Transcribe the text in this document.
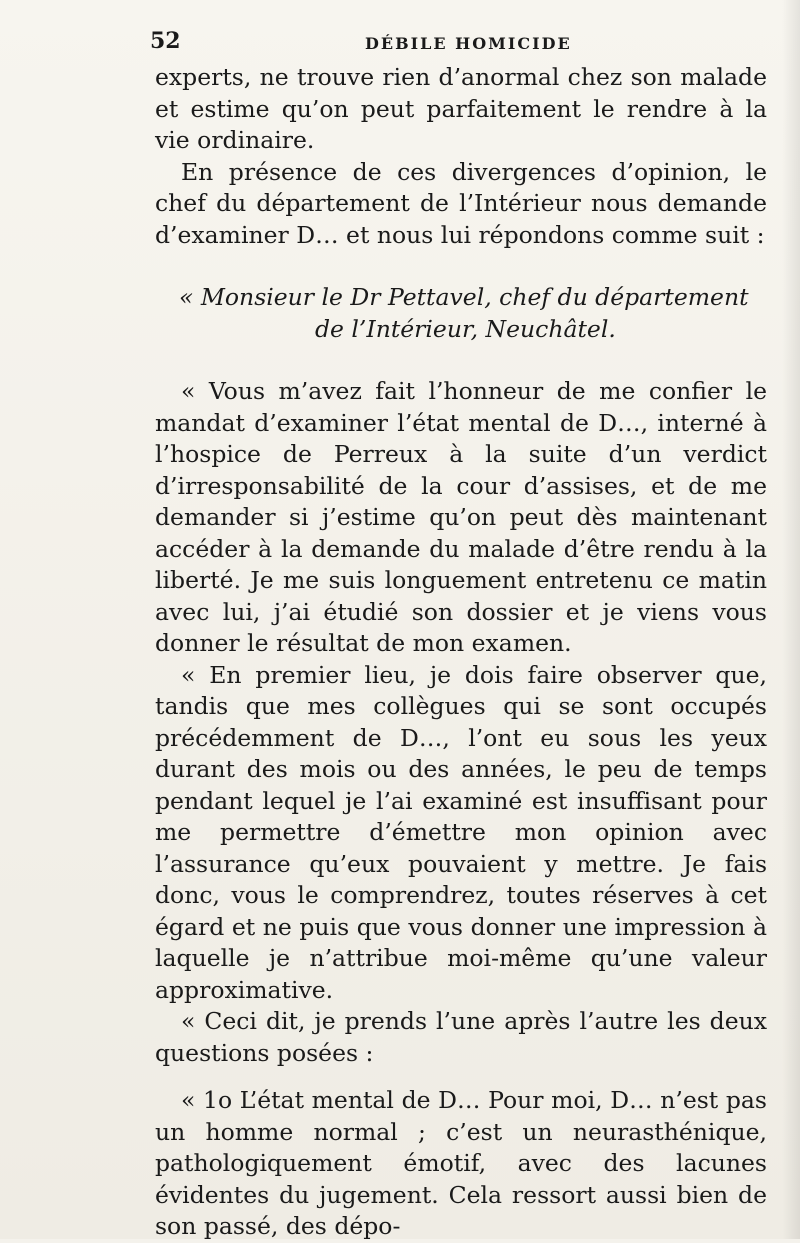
52	DÉBILE HOMICIDE

experts, ne trouve rien d’anormal chez son malade et estime qu’on peut parfaitement le rendre à la vie ordinaire.

En présence de ces divergences d’opinion, le chef du département de l’Intérieur nous demande d’examiner D… et nous lui répondons comme suit :

« Monsieur le Dr Pettavel, chef du département

de l’Intérieur, Neuchâtel.

« Vous m’avez fait l’honneur de me confier le mandat d’examiner l’état mental de D…, interné à l’hospice de Perreux à la suite d’un verdict d’irresponsabilité de la cour d’assises, et de me demander si j’estime qu’on peut dès maintenant accéder à la demande du malade d’être rendu à la liberté. Je me suis longuement entretenu ce matin avec lui, j’ai étudié son dossier et je viens vous donner le résultat de mon examen.

« En premier lieu, je dois faire observer que, tandis que mes collègues qui se sont occupés précédemment de D…, l’ont eu sous les yeux durant des mois ou des années, le peu de temps pendant lequel je l’ai examiné est insuffisant pour me permettre d’émettre mon opinion avec l’assurance qu’eux pouvaient y mettre. Je fais donc, vous le comprendrez, toutes réserves à cet égard et ne puis que vous donner une impression à laquelle je n’attribue moi-même qu’une valeur approximative.

« Ceci dit, je prends l’une après l’autre les deux questions posées :

« 1o L’état mental de D… Pour moi, D… n’est pas un homme normal ; c’est un neurasthénique, pathologiquement émotif, avec des lacunes évidentes du jugement. Cela ressort aussi bien de son passé, des dépo-
